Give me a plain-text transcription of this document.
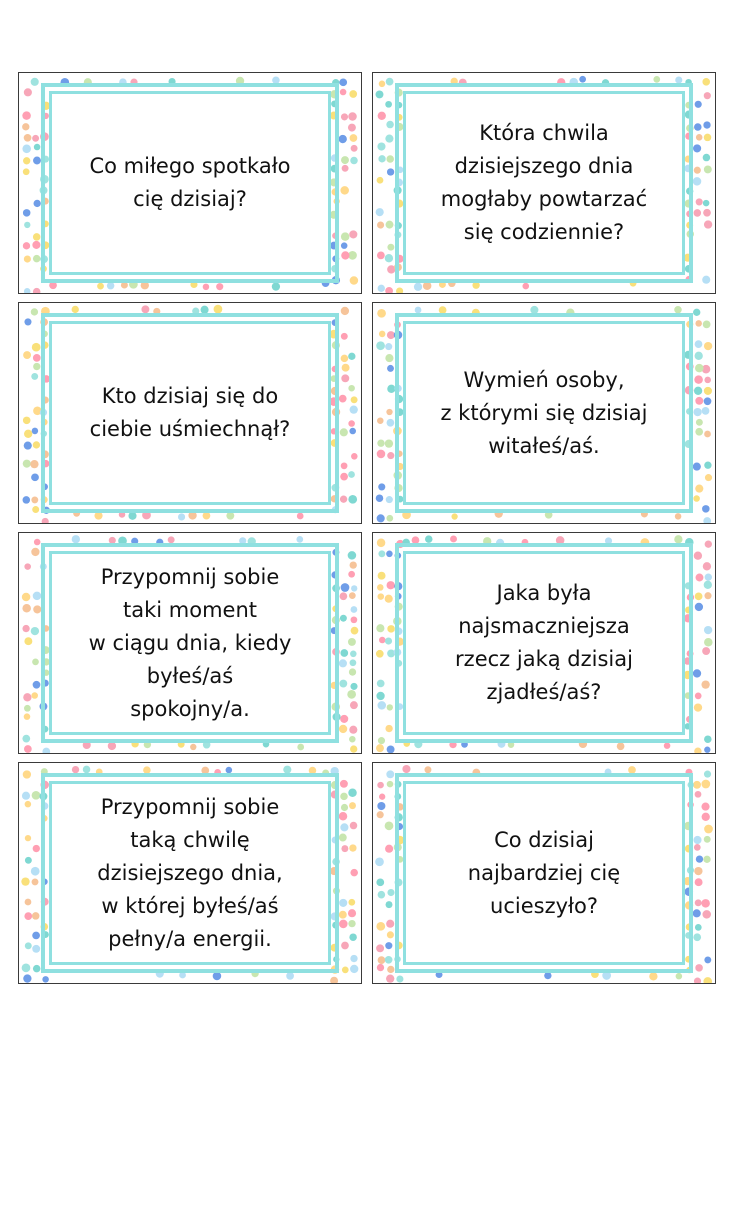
Co miłego spotkało
cię dzisiaj?
Która chwila
dzisiejszego dnia
mogłaby powtarzać
się codziennie?
Kto dzisiaj się do
ciebie uśmiechnął?
Wymień osoby,
z którymi się dzisiaj
witałeś/aś.
Przypomnij sobie
taki moment
w ciągu dnia, kiedy
byłeś/aś
spokojny/a.
Jaka była
najsmaczniejsza
rzecz jaką dzisiaj
zjadłeś/aś?
Przypomnij sobie
taką chwilę
dzisiejszego dnia,
w której byłeś/aś
pełny/a energii.
Co dzisiaj
najbardziej cię
ucieszyło?
